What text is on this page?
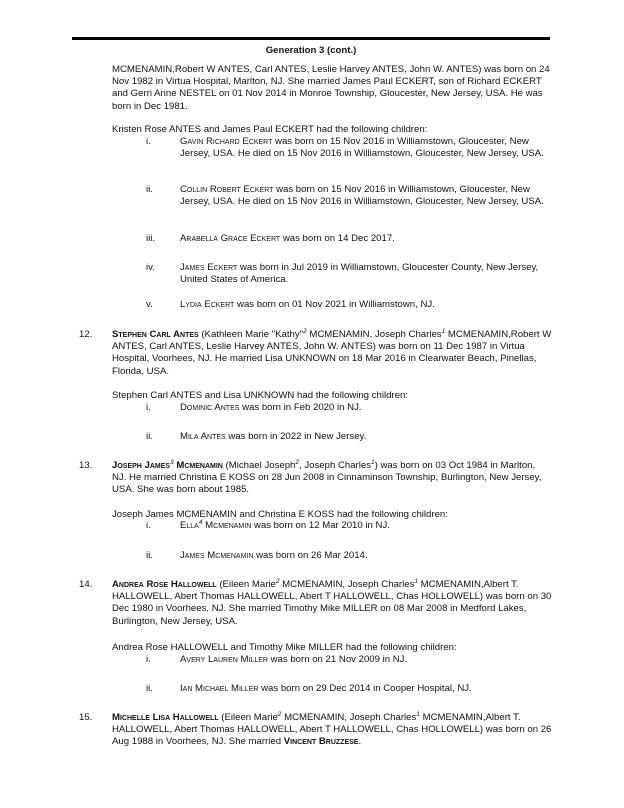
Generation 3 (cont.)

MCMENAMIN,Robert W ANTES, Carl ANTES, Leslie Harvey ANTES, John W. ANTES) was born on 24 Nov 1982 in Virtua Hospital, Marlton, NJ. She married James Paul ECKERT, son of Richard ECKERT and Gerri Anne NESTEL on 01 Nov 2014 in Monroe Township, Gloucester, New Jersey, USA. He was born in Dec 1981.

Kristen Rose ANTES and James Paul ECKERT had the following children:

i.	Gavin Richard Eckert was born on 15 Nov 2016 in Williamstown, Gloucester, New Jersey, USA. He died on 15 Nov 2016 in Williamstown, Gloucester, New Jersey, USA.

ii.	Collin Robert Eckert was born on 15 Nov 2016 in Williamstown, Gloucester, New Jersey, USA. He died on 15 Nov 2016 in Williamstown, Gloucester, New Jersey, USA.

iii.	Arabella Grace Eckert was born on 14 Dec 2017.

iv.	James Eckert was born in Jul 2019 in Williamstown, Gloucester County, New Jersey, United States of America.

v.	Lydia Eckert was born on 01 Nov 2021 in Williamstown, NJ.

12. Stephen Carl Antes (Kathleen Marie "Kathy"$^2$ MCMENAMIN, Joseph Charles$^1$ MCMENAMIN,Robert W ANTES, Carl ANTES, Leslie Harvey ANTES, John W. ANTES) was born on 11 Dec 1987 in Virtua Hospital, Voorhees, NJ. He married Lisa UNKNOWN on 18 Mar 2016 in Clearwater Beach, Pinellas, Florida, USA.

Stephen Carl ANTES and Lisa UNKNOWN had the following children:

i.	Dominic Antes was born in Feb 2020 in NJ.

ii.	Mila Antes was born in 2022 in New Jersey.

13. Joseph James$^3$ Mcmenamin (Michael Joseph$^2$, Joseph Charles$^1$) was born on 03 Oct 1984 in Marlton, NJ. He married Christina E KOSS on 28 Jun 2008 in Cinnaminson Township, Burlington, New Jersey, USA. She was born about 1985.

Joseph James MCMENAMIN and Christina E KOSS had the following children:

i.	Ella$^4$ Mcmenamin was born on 12 Mar 2010 in NJ.

ii.	James Mcmenamin was born on 26 Mar 2014.

14. Andrea Rose Hallowell (Eileen Marie$^2$ MCMENAMIN, Joseph Charles$^1$ MCMENAMIN,Albert T. HALLOWELL, Abert Thomas HALLOWELL, Abert T HALLOWELL, Chas HOLLOWELL) was born on 30 Dec 1980 in Voorhees, NJ. She married Timothy Mike MILLER on 08 Mar 2008 in Medford Lakes, Burlington, New Jersey, USA.

Andrea Rose HALLOWELL and Timothy Mike MILLER had the following children:

i.	Avery Lauren Miller was born on 21 Nov 2009 in NJ.

ii.	Ian Michael Miller was born on 29 Dec 2014 in Cooper Hospital, NJ.

15. Michelle Lisa Hallowell (Eileen Marie$^2$ MCMENAMIN, Joseph Charles$^1$ MCMENAMIN,Albert T. HALLOWELL, Abert Thomas HALLOWELL, Abert T HALLOWELL, Chas HOLLOWELL) was born on 26 Aug 1988 in Voorhees, NJ. She married Vincent Bruzzese.
